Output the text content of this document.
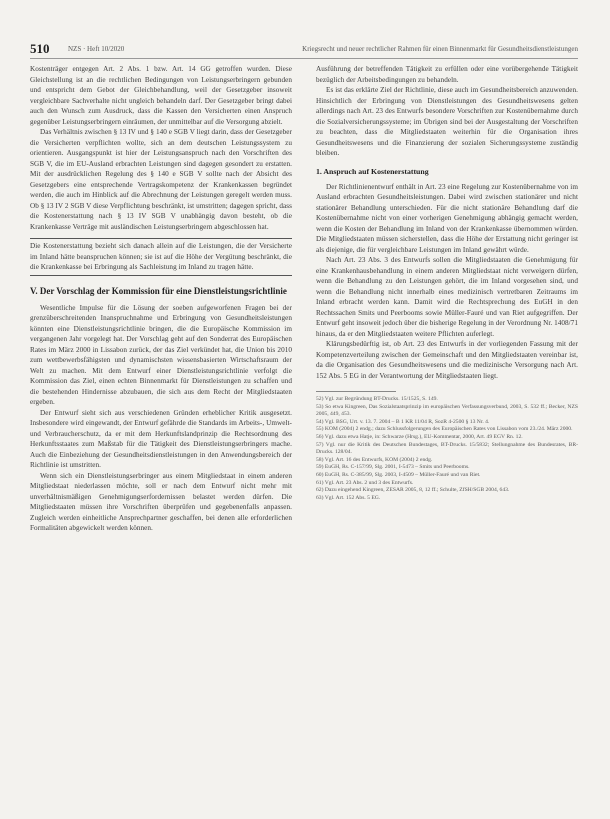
510	NZS · Heft 10/2020	Kriegsrecht und neuer rechtlicher Rahmen für einen Binnenmarkt für Gesundheitsdienstleistungen

Kostenträger entgegen Art. 2 Abs. 1 bzw. Art. 14 GG getroffen wurden. Diese Gleichstellung ist an die rechtlichen Bedingungen von Leistungserbringern gebunden und entspricht dem Gebot der Gleichbehandlung, weil der Gesetzgeber insoweit vergleichbare Sachverhalte nicht ungleich behandeln darf. Der Gesetzgeber bringt dabei auch den Wunsch zum Ausdruck, dass die Kassen den Versicherten einen Anspruch gegenüber Leistungserbringern einräumen, der unmittelbar auf die Versorgung abzielt.

Das Verhältnis zwischen § 13 IV und § 140 e SGB V liegt darin, dass der Gesetzgeber die Versicherten verpflichten wollte, sich an dem deutschen Leistungssystem zu orientieren. Ausgangspunkt ist hier der Leistungsanspruch nach den Vorschriften des SGB V, die im EU-Ausland erbrachten Leistungen sind dagegen gesondert zu erstatten. Mit der ausdrücklichen Regelung des § 140 e SGB V sollte nach der Absicht des Gesetzgebers eine entsprechende Vertragskompetenz der Krankenkassen begründet werden, die auch im Hinblick auf die Abrechnung der Leistungen geregelt werden muss. Ob § 13 IV 2 SGB V diese Verpflichtung beschränkt, ist umstritten; dagegen spricht, dass die Kostenerstattung nach § 13 IV SGB V unabhängig davon besteht, ob die Krankenkasse Verträge mit ausländischen Leistungserbringern abgeschlossen hat.

Die Kostenerstattung bezieht sich danach allein auf die Leistungen, die der Versicherte im Inland hätte beanspruchen können; sie ist auf die Höhe der Vergütung beschränkt, die die Krankenkasse bei Erbringung als Sachleistung im Inland zu tragen hätte.

V. Der Vorschlag der Kommission für eine Dienstleistungsrichtlinie

Wesentliche Impulse für die Lösung der soeben aufgeworfenen Fragen bei der grenzüberschreitenden Inanspruchnahme und Erbringung von Gesundheitsleistungen könnten eine Dienstleistungsrichtlinie bringen, die die Europäische Kommission im vergangenen Jahr vorgelegt hat. Der Vorschlag geht auf den Sonderrat des Europäischen Rates im März 2000 in Lissabon zurück, der das Ziel verkündet hat, die Union bis 2010 zum wettbewerbsfähigsten und dynamischsten wissensbasierten Wirtschaftsraum der Welt zu machen. Mit dem Entwurf einer Dienstleistungsrichtlinie verfolgt die Kommission das Ziel, einen echten Binnenmarkt für Dienstleistungen zu schaffen und die bestehenden Hindernisse abzubauen, die sich aus dem Recht der Mitgliedstaaten ergeben.

Der Entwurf sieht sich aus verschiedenen Gründen erheblicher Kritik ausgesetzt. Insbesondere wird eingewandt, der Entwurf gefährde die Standards im Arbeits-, Umwelt- und Verbraucherschutz, da er mit dem Herkunftslandprinzip die Rechtsordnung des Herkunftsstaates zum Maßstab für die Tätigkeit des Dienstleistungserbringers mache. Auch die Einbeziehung der Gesundheitsdienstleistungen in den Anwendungsbereich der Richtlinie ist umstritten.

Wenn sich ein Dienstleistungserbringer aus einem Mitgliedstaat in einem anderen Mitgliedstaat niederlassen möchte, soll er nach dem Entwurf nicht mehr mit unverhältnismäßigen Genehmigungserfordernissen belastet werden dürfen. Die Mitgliedstaaten müssen ihre Vorschriften überprüfen und gegebenenfalls anpassen. Zugleich werden einheitliche Ansprechpartner geschaffen, bei denen alle erforderlichen Formalitäten abgewickelt werden können.

Ausführung der betreffenden Tätigkeit zu erfüllen oder eine vorübergehende Tätigkeit bezüglich der Arbeitsbedingungen zu behandeln.

Es ist das erklärte Ziel der Richtlinie, diese auch im Gesundheitsbereich anzuwenden. Hinsichtlich der Erbringung von Dienstleistungen des Gesundheitswesens gelten allerdings nach Art. 23 des Entwurfs besondere Vorschriften zur Kostenübernahme durch die Sozialversicherungssysteme; im Übrigen sind bei der Ausgestaltung der Vorschriften zu beachten, dass die Mitgliedstaaten weiterhin für die Organisation ihres Gesundheitswesens und die Finanzierung der sozialen Sicherungssysteme zuständig bleiben.

1. Anspruch auf Kostenerstattung

Der Richtlinienentwurf enthält in Art. 23 eine Regelung zur Kostenübernahme von im Ausland erbrachten Gesundheitsleistungen. Dabei wird zwischen stationärer und nicht stationärer Behandlung unterschieden. Für die nicht stationäre Behandlung darf die Kostenübernahme nicht von einer vorherigen Genehmigung abhängig gemacht werden, wenn die Kosten der Behandlung im Inland von der Krankenkasse übernommen würden. Die Mitgliedstaaten müssen sicherstellen, dass die Höhe der Erstattung nicht geringer ist als diejenige, die für vergleichbare Leistungen im Inland gewährt würde.

Nach Art. 23 Abs. 3 des Entwurfs sollen die Mitgliedstaaten die Genehmigung für eine Krankenhausbehandlung in einem anderen Mitgliedstaat nicht verweigern dürfen, wenn die Behandlung zu den Leistungen gehört, die im Inland vorgesehen sind, und wenn die Behandlung nicht innerhalb eines medizinisch vertretbaren Zeitraums im Inland erbracht werden kann. Damit wird die Rechtsprechung des EuGH in den Rechtssachen Smits und Peerbooms sowie Müller-Fauré und van Riet aufgegriffen. Der Entwurf geht insoweit jedoch über die bisherige Regelung in der Verordnung Nr. 1408/71 hinaus, da er den Mitgliedstaaten weitere Pflichten auferlegt.

Klärungsbedürftig ist, ob Art. 23 des Entwurfs in der vorliegenden Fassung mit der Kompetenzverteilung zwischen der Gemeinschaft und den Mitgliedstaaten vereinbar ist, da die Organisation des Gesundheitswesens und die medizinische Versorgung nach Art. 152 Abs. 5 EG in der Verantwortung der Mitgliedstaaten liegt.

52) Vgl. zur Begründung BT-Drucks. 15/1525, S. 149.

53) So etwa Kingreen, Das Sozialstaatsprinzip im europäischen Verfassungsverbund, 2003, S. 532 ff.; Becker, NZS 2005, 449, 453.

54) Vgl. BSG, Urt. v. 13. 7. 2004 – B 1 KR 11/04 R, SozR 4-2500 § 13 Nr. 4.

55) KOM (2004) 2 endg.; dazu Schlussfolgerungen des Europäischen Rates von Lissabon vom 23./24. März 2000.

56) Vgl. dazu etwa Hatje, in: Schwarze (Hrsg.), EU-Kommentar, 2000, Art. 49 EGV Rn. 12.

57) Vgl. nur die Kritik des Deutschen Bundestages, BT-Drucks. 15/5832; Stellungnahme des Bundesrates, BR-Drucks. 128/04.

58) Vgl. Art. 16 des Entwurfs, KOM (2004) 2 endg.

59) EuGH, Rs. C-157/99, Slg. 2001, I-5473 – Smits und Peerbooms.

60) EuGH, Rs. C-385/99, Slg. 2003, I-4509 – Müller-Fauré und van Riet.

61) Vgl. Art. 23 Abs. 2 und 3 des Entwurfs.

62) Dazu eingehend Kingreen, ZESAR 2005, 8, 12 ff.; Schulte, ZfSH/SGB 2004, 643.

63) Vgl. Art. 152 Abs. 5 EG.
